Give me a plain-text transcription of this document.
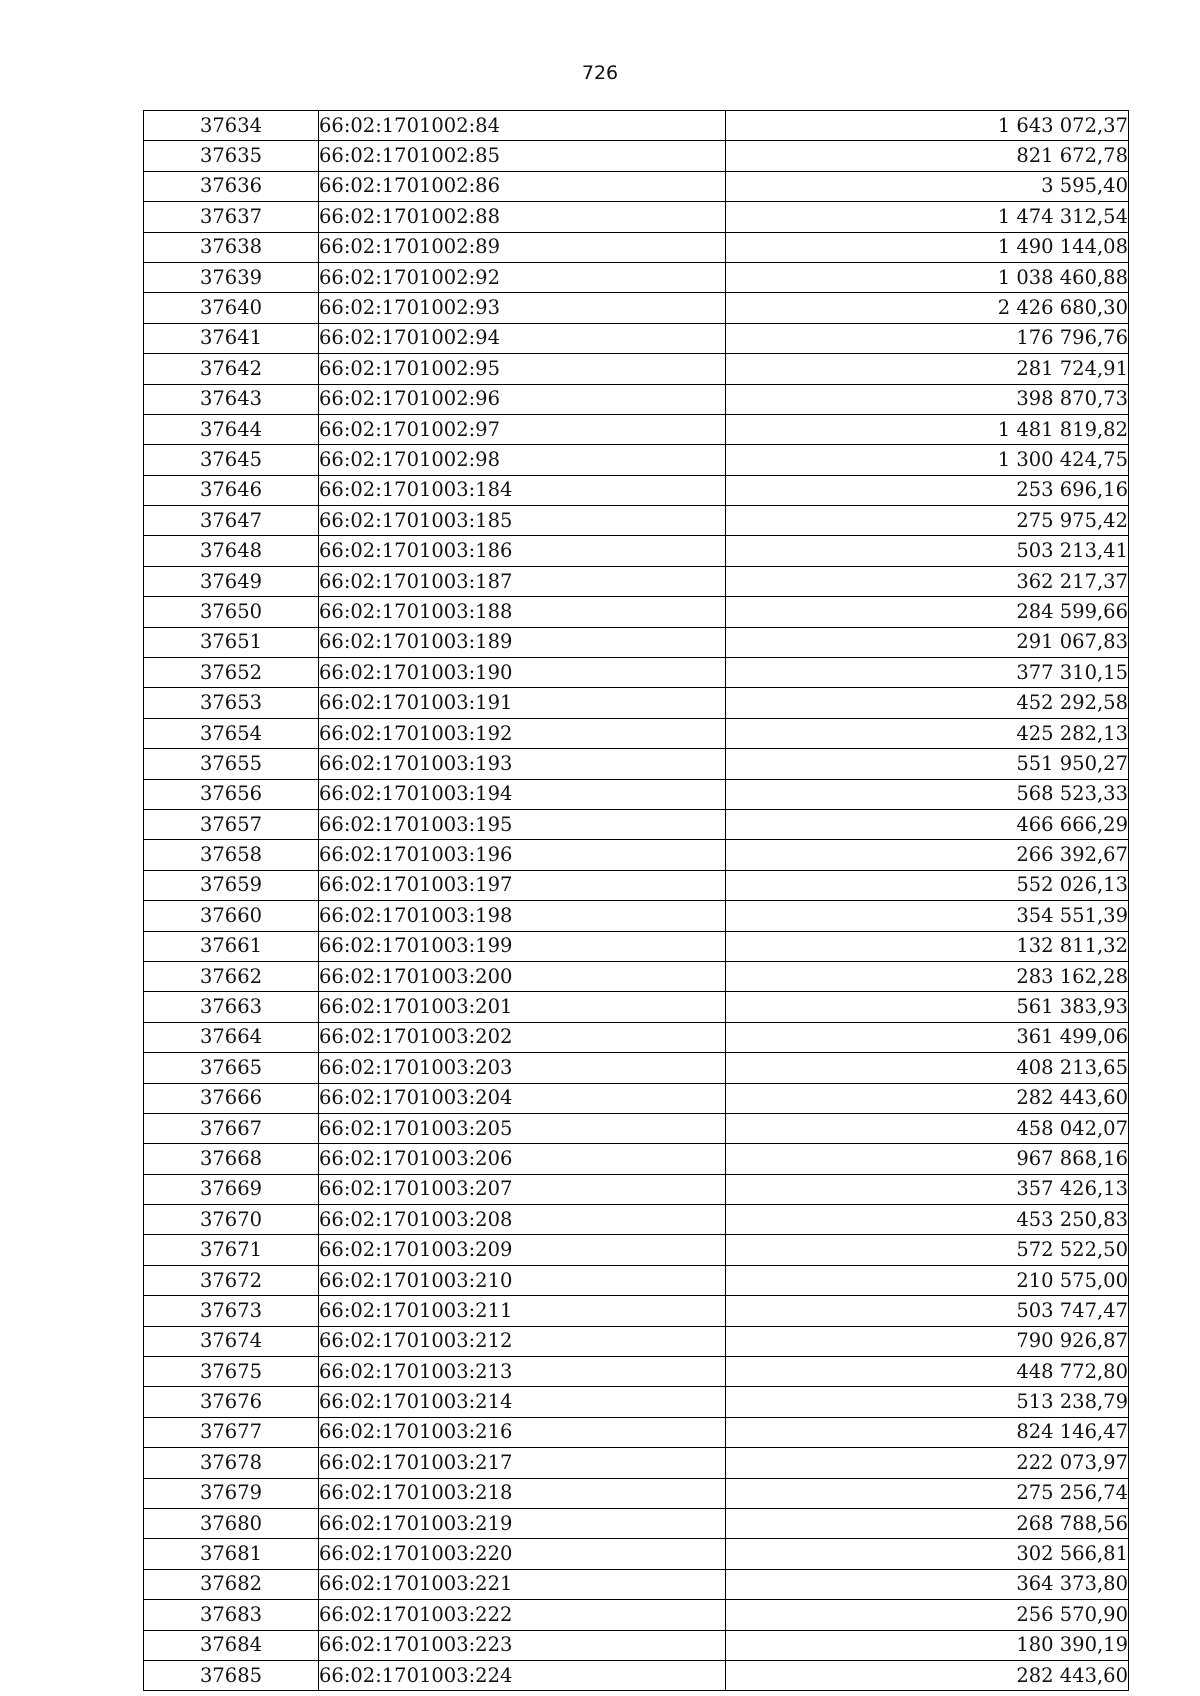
726
37634	66:02:1701002:84	1 643 072,37
37635	66:02:1701002:85	821 672,78
37636	66:02:1701002:86	3 595,40
37637	66:02:1701002:88	1 474 312,54
37638	66:02:1701002:89	1 490 144,08
37639	66:02:1701002:92	1 038 460,88
37640	66:02:1701002:93	2 426 680,30
37641	66:02:1701002:94	176 796,76
37642	66:02:1701002:95	281 724,91
37643	66:02:1701002:96	398 870,73
37644	66:02:1701002:97	1 481 819,82
37645	66:02:1701002:98	1 300 424,75
37646	66:02:1701003:184	253 696,16
37647	66:02:1701003:185	275 975,42
37648	66:02:1701003:186	503 213,41
37649	66:02:1701003:187	362 217,37
37650	66:02:1701003:188	284 599,66
37651	66:02:1701003:189	291 067,83
37652	66:02:1701003:190	377 310,15
37653	66:02:1701003:191	452 292,58
37654	66:02:1701003:192	425 282,13
37655	66:02:1701003:193	551 950,27
37656	66:02:1701003:194	568 523,33
37657	66:02:1701003:195	466 666,29
37658	66:02:1701003:196	266 392,67
37659	66:02:1701003:197	552 026,13
37660	66:02:1701003:198	354 551,39
37661	66:02:1701003:199	132 811,32
37662	66:02:1701003:200	283 162,28
37663	66:02:1701003:201	561 383,93
37664	66:02:1701003:202	361 499,06
37665	66:02:1701003:203	408 213,65
37666	66:02:1701003:204	282 443,60
37667	66:02:1701003:205	458 042,07
37668	66:02:1701003:206	967 868,16
37669	66:02:1701003:207	357 426,13
37670	66:02:1701003:208	453 250,83
37671	66:02:1701003:209	572 522,50
37672	66:02:1701003:210	210 575,00
37673	66:02:1701003:211	503 747,47
37674	66:02:1701003:212	790 926,87
37675	66:02:1701003:213	448 772,80
37676	66:02:1701003:214	513 238,79
37677	66:02:1701003:216	824 146,47
37678	66:02:1701003:217	222 073,97
37679	66:02:1701003:218	275 256,74
37680	66:02:1701003:219	268 788,56
37681	66:02:1701003:220	302 566,81
37682	66:02:1701003:221	364 373,80
37683	66:02:1701003:222	256 570,90
37684	66:02:1701003:223	180 390,19
37685	66:02:1701003:224	282 443,60
